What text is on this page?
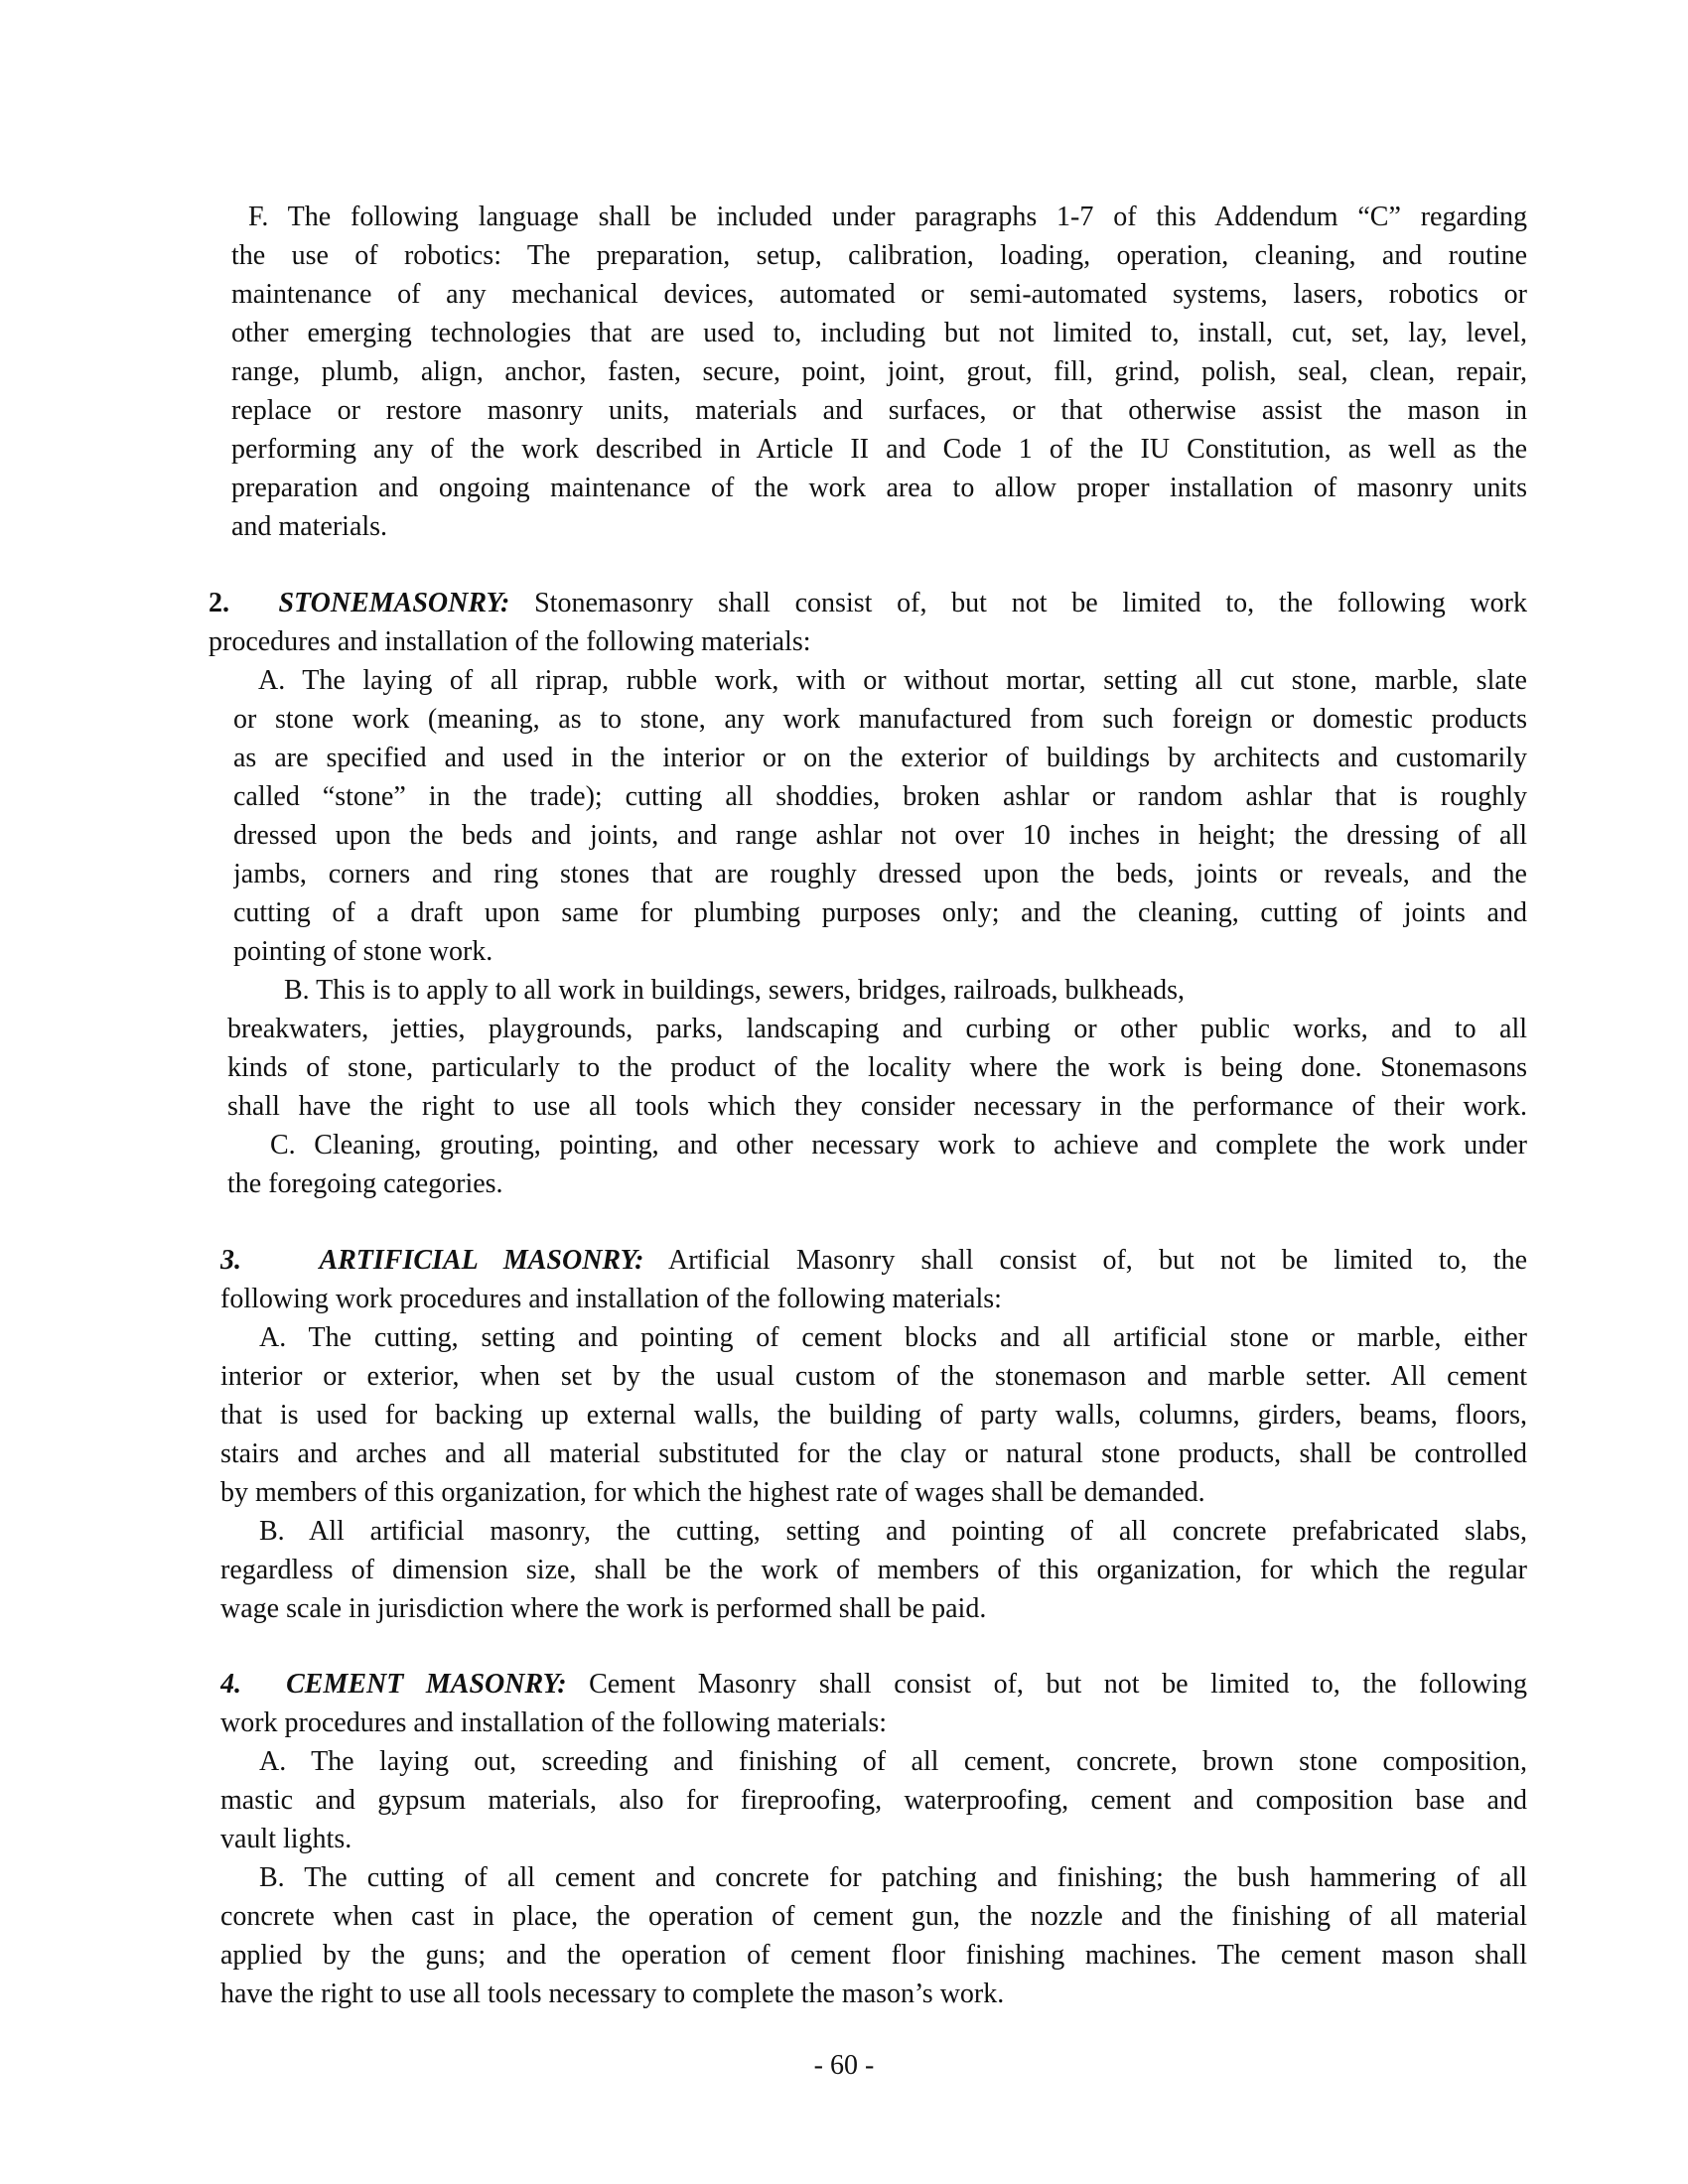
F. The following language shall be included under paragraphs 1-7 of this Addendum “C” regarding
the use of robotics: The preparation, setup, calibration, loading, operation, cleaning, and routine
maintenance of any mechanical devices, automated or semi-automated systems, lasers, robotics or
other emerging technologies that are used to, including but not limited to, install, cut, set, lay, level,
range, plumb, align, anchor, fasten, secure, point, joint, grout, fill, grind, polish, seal, clean, repair,
replace or restore masonry units, materials and surfaces, or that otherwise assist the mason in
performing any of the work described in Article II and Code 1 of the IU Constitution, as well as the
preparation and ongoing maintenance of the work area to allow proper installation of masonry units
and materials.
2. STONEMASONRY: Stonemasonry shall consist of, but not be limited to, the following work
procedures and installation of the following materials:
A. The laying of all riprap, rubble work, with or without mortar, setting all cut stone, marble, slate
or stone work (meaning, as to stone, any work manufactured from such foreign or domestic products
as are specified and used in the interior or on the exterior of buildings by architects and customarily
called “stone” in the trade); cutting all shoddies, broken ashlar or random ashlar that is roughly
dressed upon the beds and joints, and range ashlar not over 10 inches in height; the dressing of all
jambs, corners and ring stones that are roughly dressed upon the beds, joints or reveals, and the
cutting of a draft upon same for plumbing purposes only; and the cleaning, cutting of joints and
pointing of stone work.
B. This is to apply to all work in buildings, sewers, bridges, railroads, bulkheads,
breakwaters, jetties, playgrounds, parks, landscaping and curbing or other public works, and to all
kinds of stone, particularly to the product of the locality where the work is being done. Stonemasons
shall have the right to use all tools which they consider necessary in the performance of their work.
C. Cleaning, grouting, pointing, and other necessary work to achieve and complete the work under
the foregoing categories.
3.	ARTIFICIAL MASONRY: Artificial Masonry shall consist of, but not be limited to, the
following work procedures and installation of the following materials:
A. The cutting, setting and pointing of cement blocks and all artificial stone or marble, either
interior or exterior, when set by the usual custom of the stonemason and marble setter. All cement
that is used for backing up external walls, the building of party walls, columns, girders, beams, floors,
stairs and arches and all material substituted for the clay or natural stone products, shall be controlled
by members of this organization, for which the highest rate of wages shall be demanded.
B. All artificial masonry, the cutting, setting and pointing of all concrete prefabricated slabs,
regardless of dimension size, shall be the work of members of this organization, for which the regular
wage scale in jurisdiction where the work is performed shall be paid.
4. CEMENT MASONRY: Cement Masonry shall consist of, but not be limited to, the following
work procedures and installation of the following materials:
A. The laying out, screeding and finishing of all cement, concrete, brown stone composition,
mastic and gypsum materials, also for fireproofing, waterproofing, cement and composition base and
vault lights.
B. The cutting of all cement and concrete for patching and finishing; the bush hammering of all
concrete when cast in place, the operation of cement gun, the nozzle and the finishing of all material
applied by the guns; and the operation of cement floor finishing machines. The cement mason shall
have the right to use all tools necessary to complete the mason’s work.
- 60 -
